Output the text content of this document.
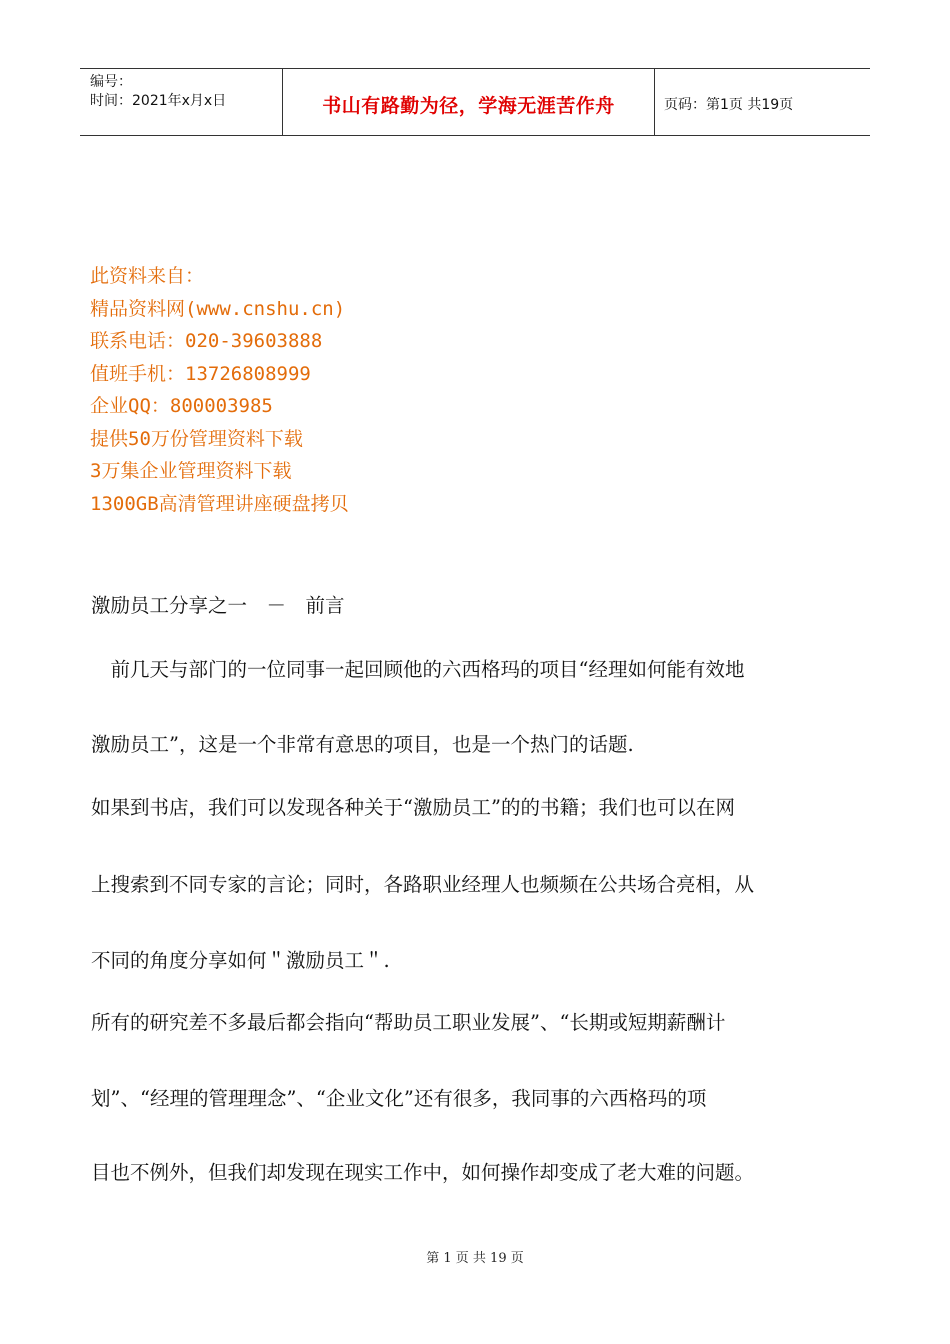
编号：
时间：2021年x月x日	书山有路勤为径，学海无涯苦作舟	页码：第1页 共19页
此资料来自：
精品资料网(www.cnshu.cn)
联系电话：020-39603888
值班手机：13726808999
企业QQ：800003985
提供50万份管理资料下载
3万集企业管理资料下载
1300GB高清管理讲座硬盘拷贝
激励员工分享之一　－　前言
　前几天与部门的一位同事一起回顾他的六西格玛的项目“经理如何能有效地
激励员工”，这是一个非常有意思的项目，也是一个热门的话题.
如果到书店，我们可以发现各种关于“激励员工”的的书籍；我们也可以在网
上搜索到不同专家的言论；同时，各路职业经理人也频频在公共场合亮相，从
不同的角度分享如何＂激励员工＂.
所有的研究差不多最后都会指向“帮助员工职业发展”、“长期或短期薪酬计
划”、“经理的管理理念”、“企业文化”还有很多，我同事的六西格玛的项
目也不例外，但我们却发现在现实工作中，如何操作却变成了老大难的问题。
第 1 页 共 19 页
